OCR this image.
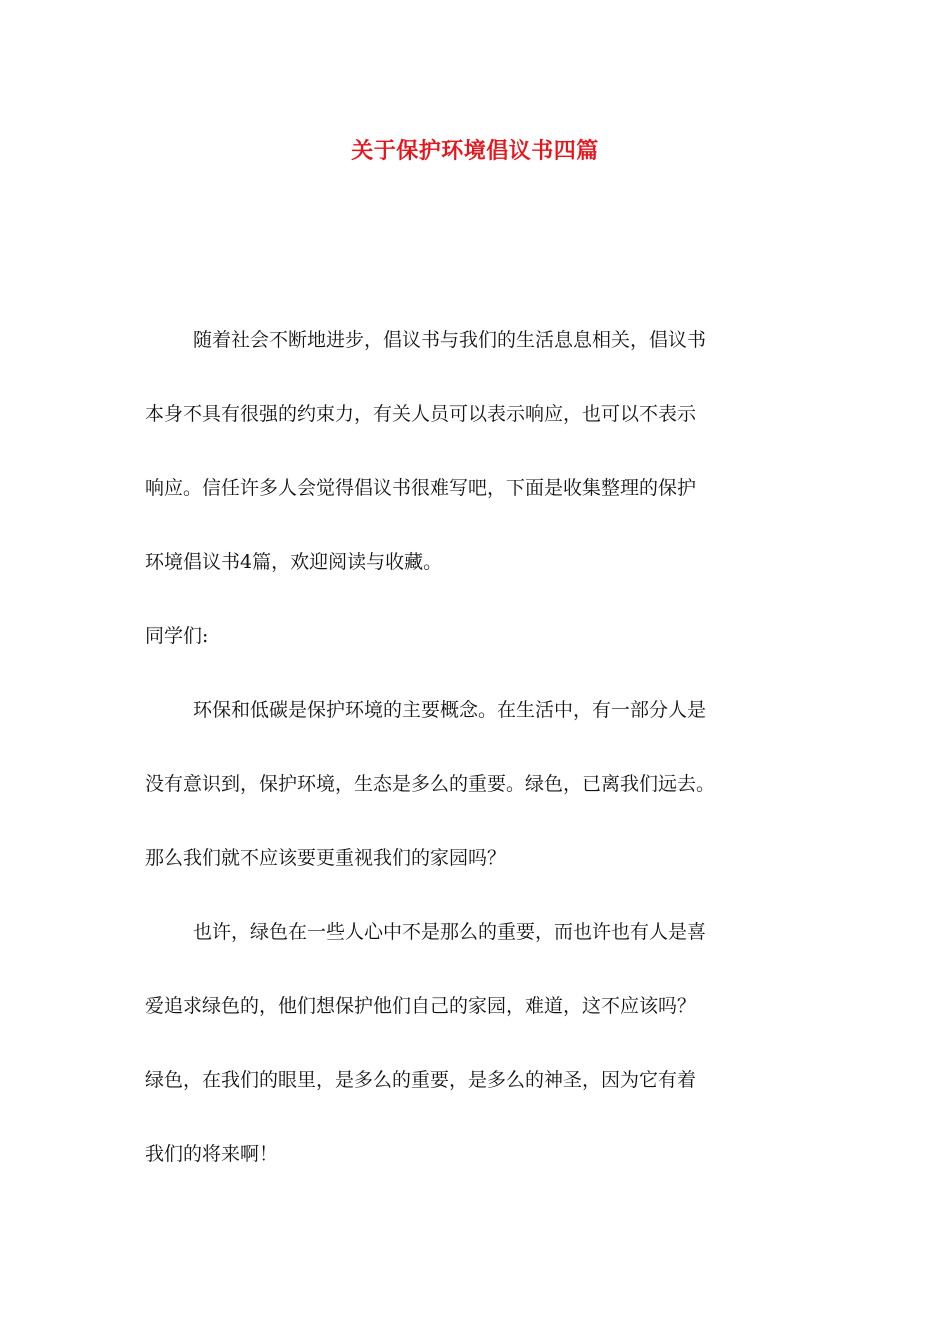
关于保护环境倡议书四篇
随着社会不断地进步，倡议书与我们的生活息息相关，倡议书
本身不具有很强的约束力，有关人员可以表示响应，也可以不表示
响应。信任许多人会觉得倡议书很难写吧，下面是收集整理的保护
环境倡议书4篇，欢迎阅读与收藏。
同学们:
环保和低碳是保护环境的主要概念。在生活中，有一部分人是
没有意识到，保护环境，生态是多么的重要。绿色，已离我们远去。
那么我们就不应该要更重视我们的家园吗？
也许，绿色在一些人心中不是那么的重要，而也许也有人是喜
爱追求绿色的，他们想保护他们自己的家园，难道，这不应该吗？
绿色，在我们的眼里，是多么的重要，是多么的神圣，因为它有着
我们的将来啊！
